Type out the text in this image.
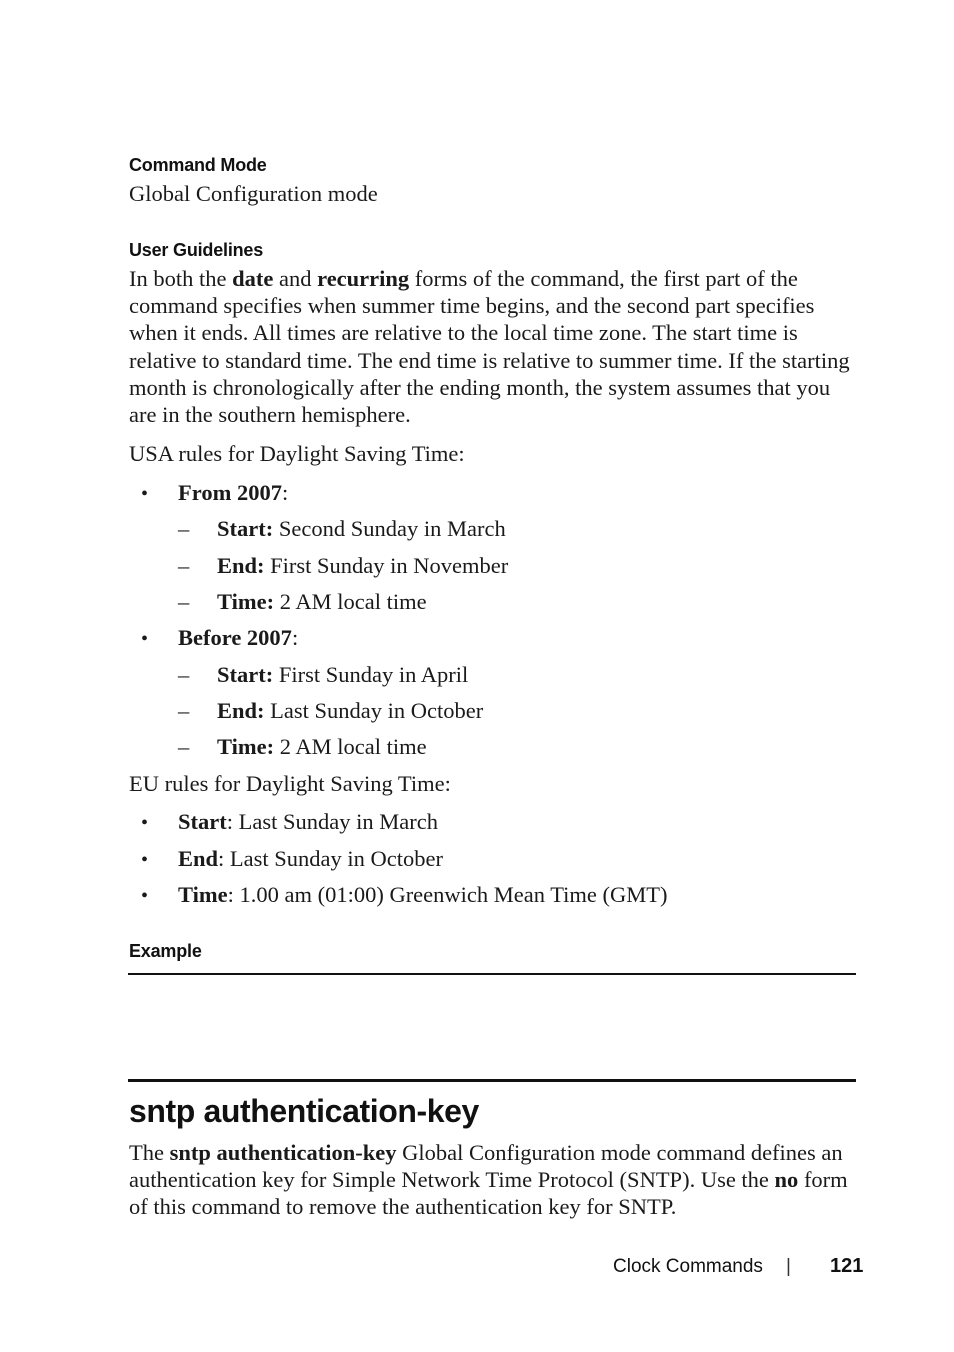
Command Mode
Global Configuration mode
User Guidelines
In both the date and recurring forms of the command, the first part of the command specifies when summer time begins, and the second part specifies when it ends. All times are relative to the local time zone. The start time is relative to standard time. The end time is relative to summer time. If the starting month is chronologically after the ending month, the system assumes that you are in the southern hemisphere.
USA rules for Daylight Saving Time:
• From 2007:
– Start: Second Sunday in March
– End: First Sunday in November
– Time: 2 AM local time
• Before 2007:
– Start: First Sunday in April
– End: Last Sunday in October
– Time: 2 AM local time
EU rules for Daylight Saving Time:
• Start: Last Sunday in March
• End: Last Sunday in October
• Time: 1.00 am (01:00) Greenwich Mean Time (GMT)
Example
sntp authentication-key
The sntp authentication-key Global Configuration mode command defines an authentication key for Simple Network Time Protocol (SNTP). Use the no form of this command to remove the authentication key for SNTP.
Clock Commands | 121
